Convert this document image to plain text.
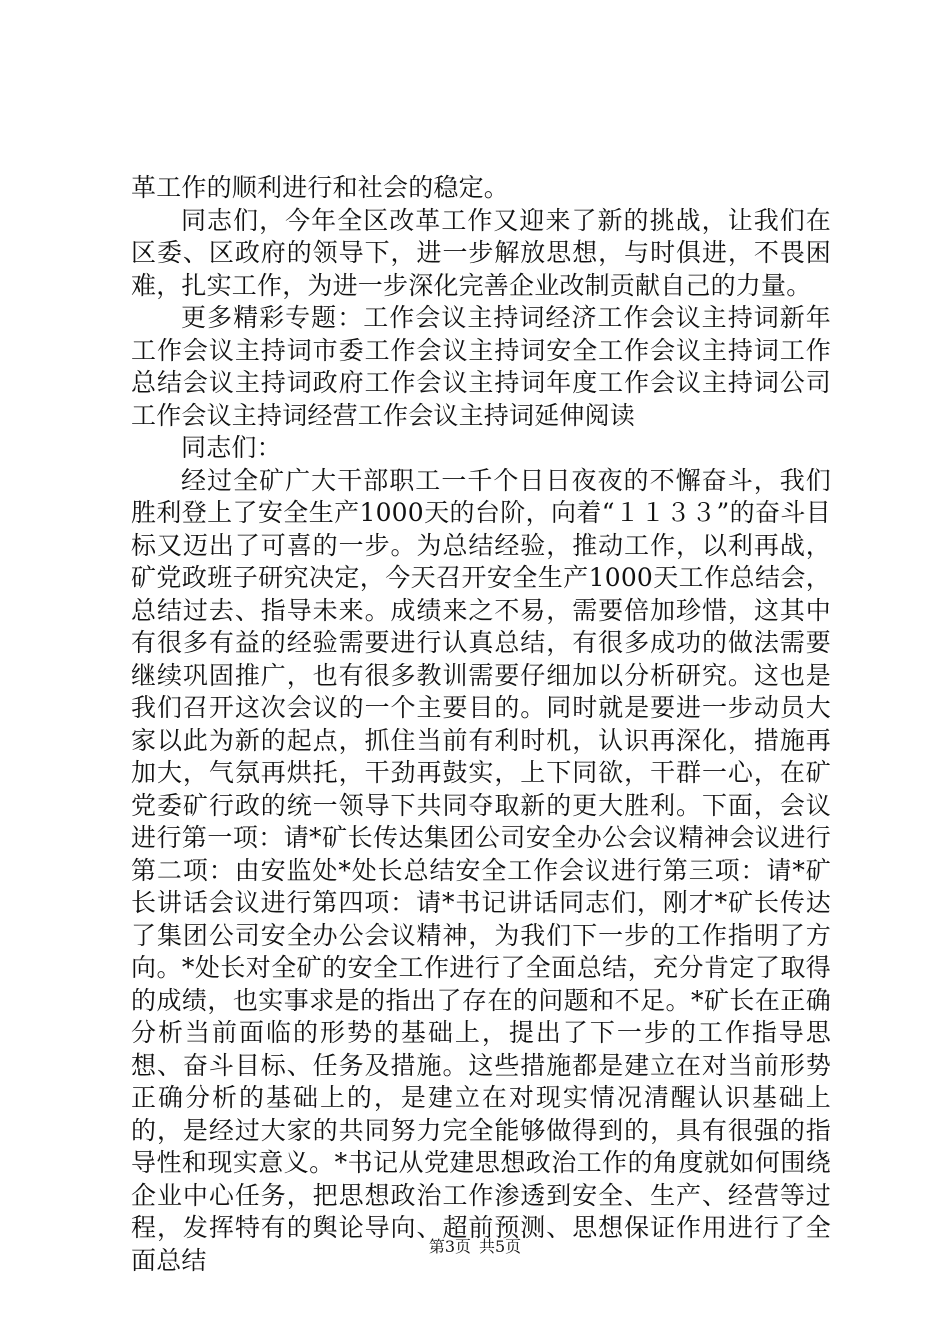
革工作的顺利进行和社会的稳定。

同志们，今年全区改革工作又迎来了新的挑战，让我们在区委、区政府的领导下，进一步解放思想，与时俱进，不畏困难，扎实工作，为进一步深化完善企业改制贡献自己的力量。

更多精彩专题：工作会议主持词经济工作会议主持词新年工作会议主持词市委工作会议主持词安全工作会议主持词工作总结会议主持词政府工作会议主持词年度工作会议主持词公司工作会议主持词经营工作会议主持词延伸阅读

同志们：

经过全矿广大干部职工一千个日日夜夜的不懈奋斗，我们胜利登上了安全生产1000天的台阶，向着“１１３３”的奋斗目标又迈出了可喜的一步。为总结经验，推动工作，以利再战，矿党政班子研究决定，今天召开安全生产1000天工作总结会，总结过去、指导未来。成绩来之不易，需要倍加珍惜，这其中有很多有益的经验需要进行认真总结，有很多成功的做法需要继续巩固推广，也有很多教训需要仔细加以分析研究。这也是我们召开这次会议的一个主要目的。同时就是要进一步动员大家以此为新的起点，抓住当前有利时机，认识再深化，措施再加大，气氛再烘托，干劲再鼓实，上下同欲，干群一心，在矿党委矿行政的统一领导下共同夺取新的更大胜利。下面，会议进行第一项：请*矿长传达集团公司安全办公会议精神会议进行第二项：由安监处*处长总结安全工作会议进行第三项：请*矿长讲话会议进行第四项：请*书记讲话同志们，刚才*矿长传达了集团公司安全办公会议精神，为我们下一步的工作指明了方向。*处长对全矿的安全工作进行了全面总结，充分肯定了取得的成绩，也实事求是的指出了存在的问题和不足。*矿长在正确分析当前面临的形势的基础上，提出了下一步的工作指导思想、奋斗目标、任务及措施。这些措施都是建立在对当前形势正确分析的基础上的，是建立在对现实情况清醒认识基础上的，是经过大家的共同努力完全能够做得到的，具有很强的指导性和现实意义。*书记从党建思想政治工作的角度就如何围绕企业中心任务，把思想政治工作渗透到安全、生产、经营等过程，发挥特有的舆论导向、超前预测、思想保证作用进行了全面总结	第3页 共5页
